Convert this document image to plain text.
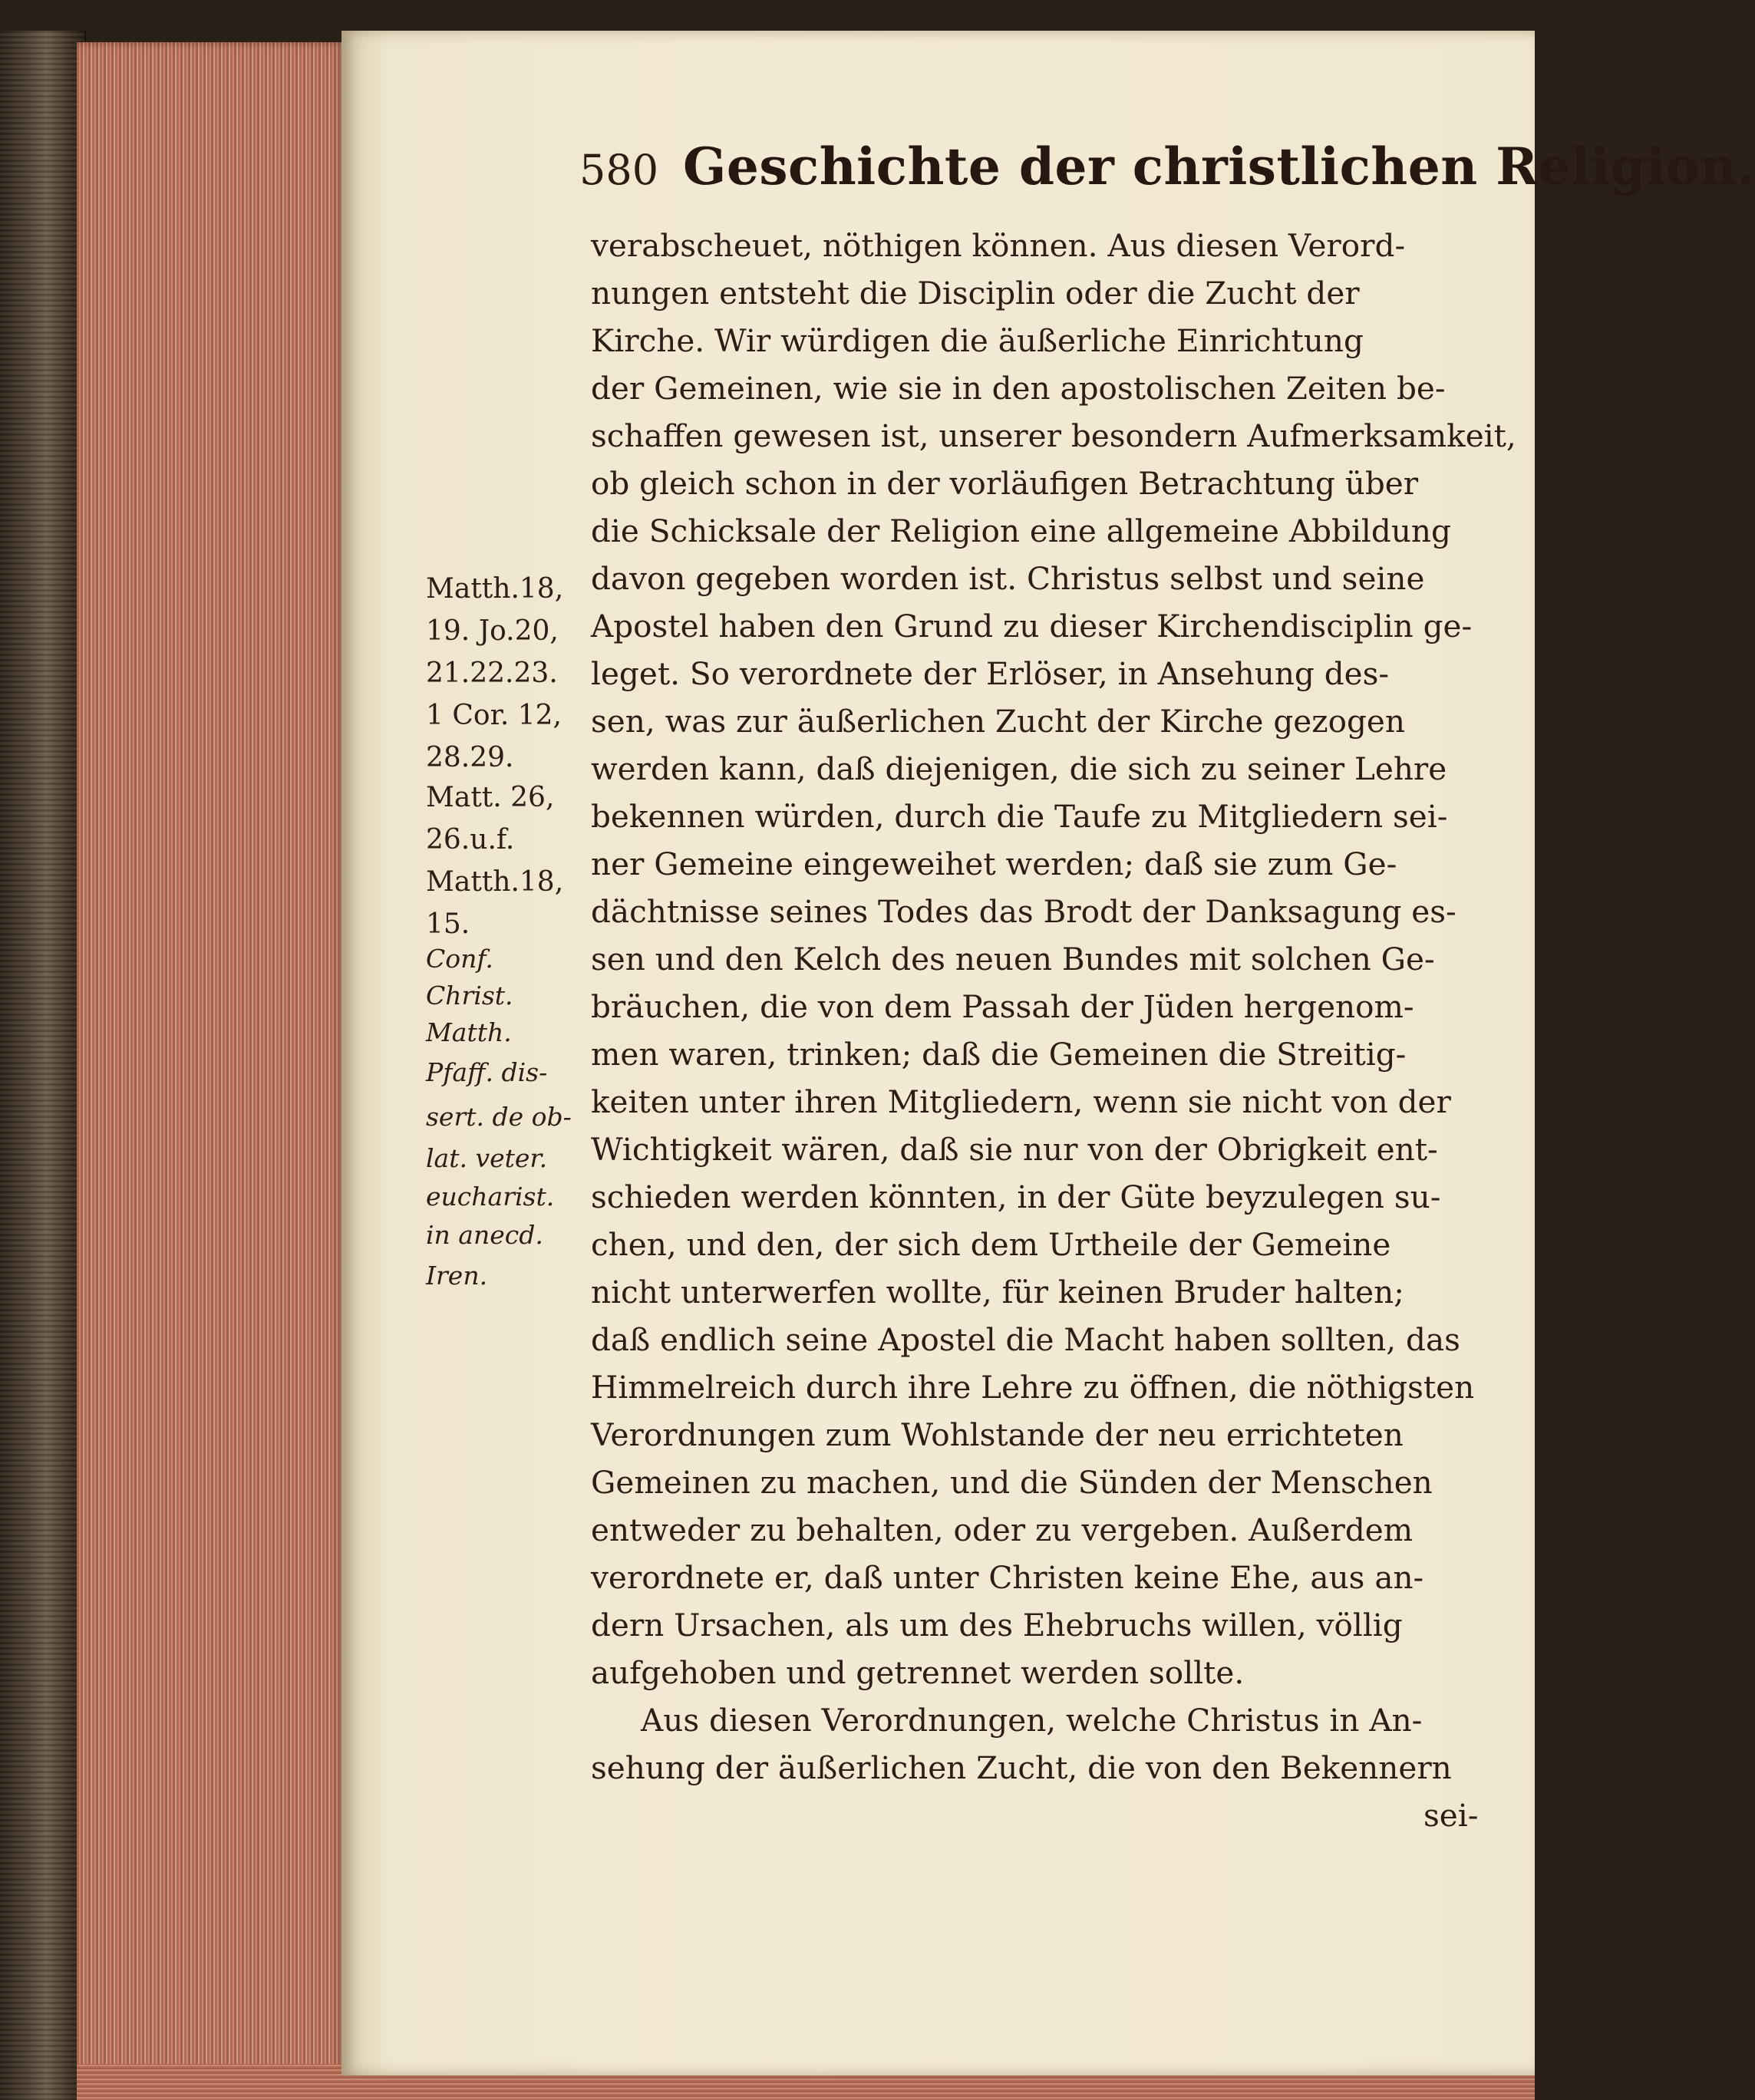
580 Geschichte der christlichen Religion.
verabscheuet, nöthigen können. Aus diesen Verord-
nungen entsteht die Disciplin oder die Zucht der
Kirche. Wir würdigen die äußerliche Einrichtung
der Gemeinen, wie sie in den apostolischen Zeiten be-
schaffen gewesen ist, unserer besondern Aufmerksamkeit,
ob gleich schon in der vorläufigen Betrachtung über
die Schicksale der Religion eine allgemeine Abbildung
davon gegeben worden ist. Christus selbst und seine
Apostel haben den Grund zu dieser Kirchendisciplin ge-
leget. So verordnete der Erlöser, in Ansehung des-
sen, was zur äußerlichen Zucht der Kirche gezogen
werden kann, daß diejenigen, die sich zu seiner Lehre
bekennen würden, durch die Taufe zu Mitgliedern sei-
ner Gemeine eingeweihet werden; daß sie zum Ge-
dächtnisse seines Todes das Brodt der Danksagung es-
sen und den Kelch des neuen Bundes mit solchen Ge-
bräuchen, die von dem Passah der Jüden hergenom-
men waren, trinken; daß die Gemeinen die Streitig-
keiten unter ihren Mitgliedern, wenn sie nicht von der
Wichtigkeit wären, daß sie nur von der Obrigkeit ent-
schieden werden könnten, in der Güte beyzulegen su-
chen, und den, der sich dem Urtheile der Gemeine
nicht unterwerfen wollte, für keinen Bruder halten;
daß endlich seine Apostel die Macht haben sollten, das
Himmelreich durch ihre Lehre zu öffnen, die nöthigsten
Verordnungen zum Wohlstande der neu errichteten
Gemeinen zu machen, und die Sünden der Menschen
entweder zu behalten, oder zu vergeben. Außerdem
verordnete er, daß unter Christen keine Ehe, aus an-
dern Ursachen, als um des Ehebruchs willen, völlig
aufgehoben und getrennet werden sollte.
Aus diesen Verordnungen, welche Christus in An-
sehung der äußerlichen Zucht, die von den Bekennern
sei-
Matth.18,
19. Jo.20,
21.22.23.
1 Cor. 12,
28.29.
Matt. 26,
26.u.f.
Matth.18,
15.
Conf.
Christ.
Matth.
Pfaff. dis-
sert. de ob-
lat. veter.
eucharist.
in anecd.
Iren.
